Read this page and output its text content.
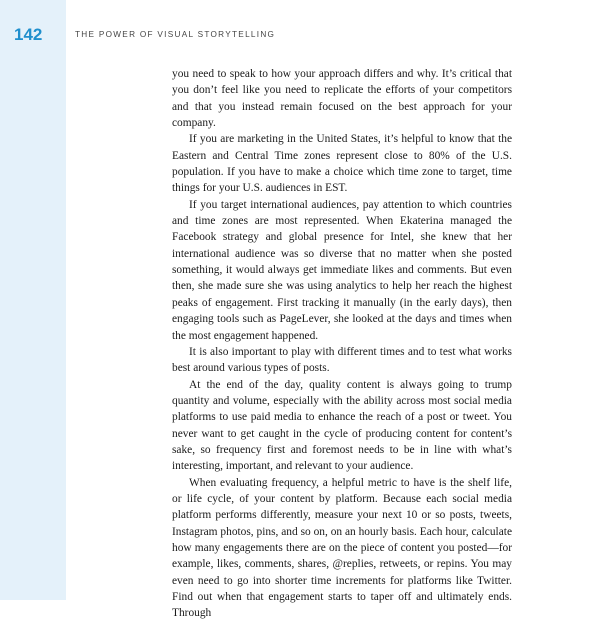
142	THE POWER OF VISUAL STORYTELLING

you need to speak to how your approach differs and why. It’s critical that you don’t feel like you need to replicate the efforts of your competitors and that you instead remain focused on the best approach for your company.

If you are marketing in the United States, it’s helpful to know that the Eastern and Central Time zones represent close to 80% of the U.S. population. If you have to make a choice which time zone to target, time things for your U.S. audiences in EST.

If you target international audiences, pay attention to which countries and time zones are most represented. When Ekaterina managed the Facebook strategy and global presence for Intel, she knew that her international audience was so diverse that no matter when she posted something, it would always get immediate likes and comments. But even then, she made sure she was using analytics to help her reach the highest peaks of engagement. First tracking it manually (in the early days), then engaging tools such as PageLever, she looked at the days and times when the most engagement happened.

It is also important to play with different times and to test what works best around various types of posts.

At the end of the day, quality content is always going to trump quantity and volume, especially with the ability across most social media platforms to use paid media to enhance the reach of a post or tweet. You never want to get caught in the cycle of producing content for content’s sake, so frequency first and foremost needs to be in line with what’s interesting, important, and relevant to your audience.

When evaluating frequency, a helpful metric to have is the shelf life, or life cycle, of your content by platform. Because each social media platform performs differently, measure your next 10 or so posts, tweets, Instagram photos, pins, and so on, on an hourly basis. Each hour, calculate how many engagements there are on the piece of content you posted—for example, likes, comments, shares, @replies, retweets, or repins. You may even need to go into shorter time increments for platforms like Twitter. Find out when that engagement starts to taper off and ultimately ends. Through
